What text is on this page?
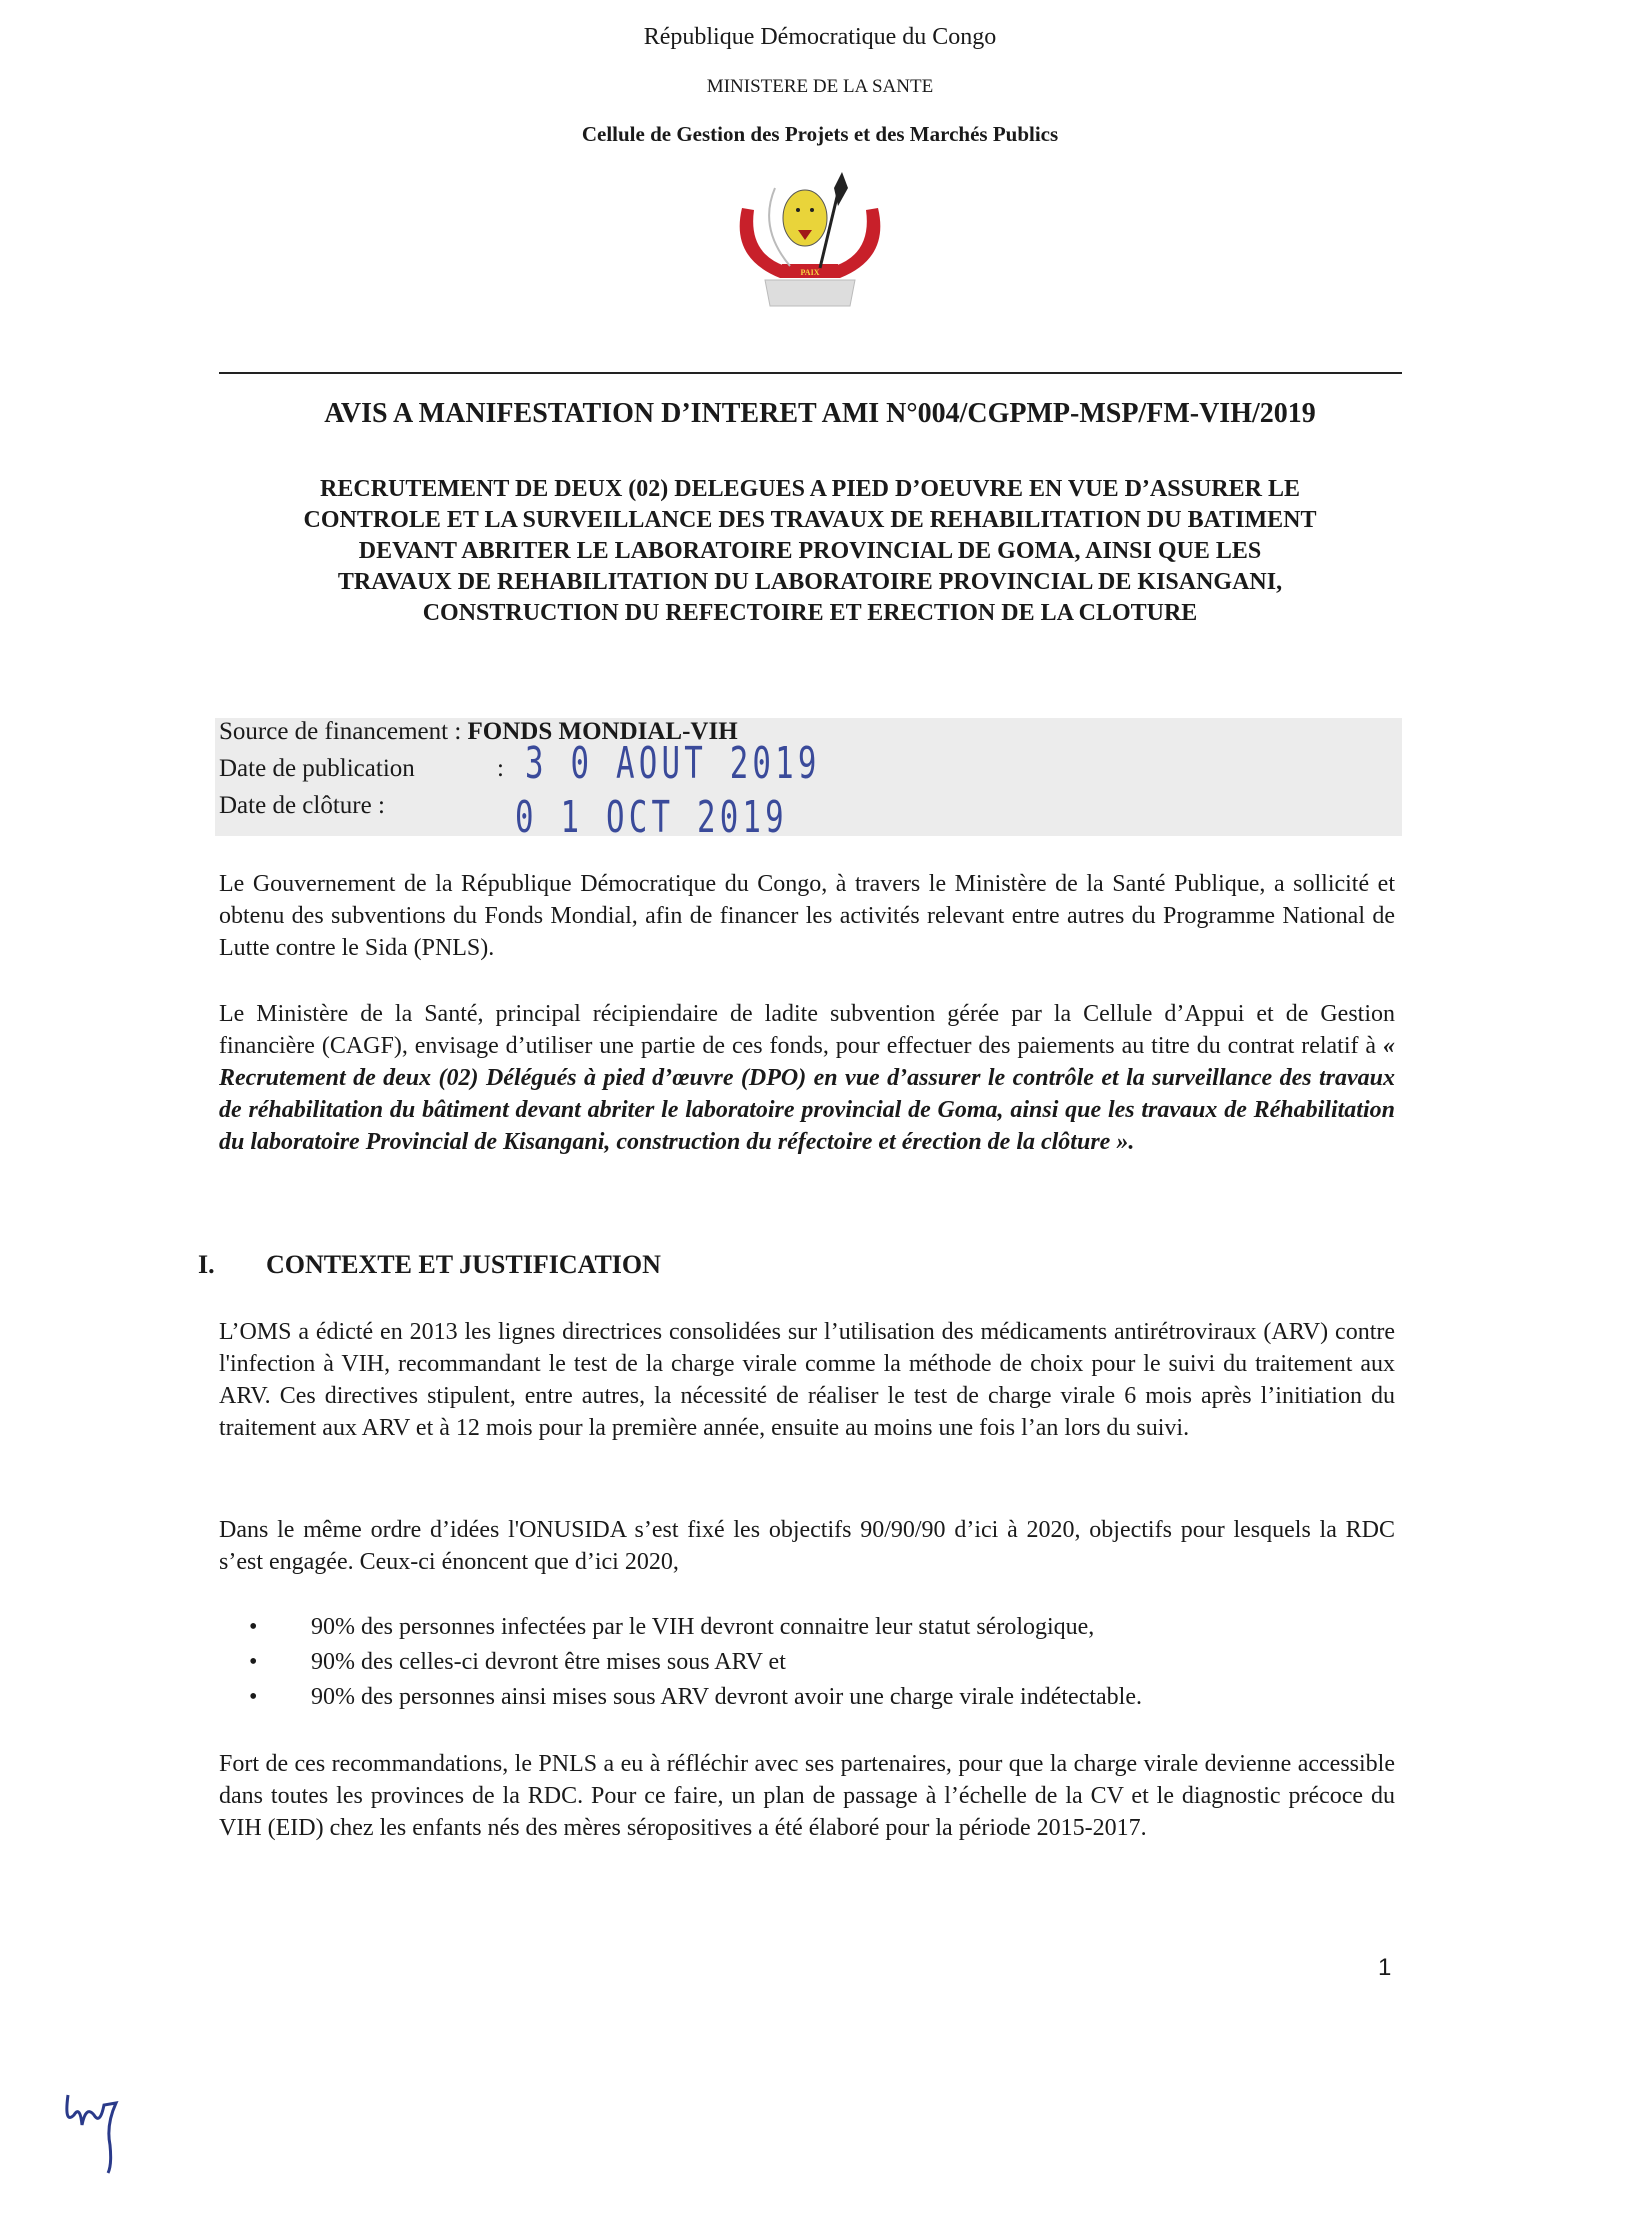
République Démocratique du Congo
MINISTERE DE LA SANTE
Cellule de Gestion des Projets et des Marchés Publics
PAIX
AVIS A MANIFESTATION D’INTERET AMI N°004/CGPMP-MSP/FM-VIH/2019
RECRUTEMENT DE DEUX (02) DELEGUES A PIED D’OEUVRE EN VUE D’ASSURER LE
CONTROLE ET LA SURVEILLANCE DES TRAVAUX DE REHABILITATION DU BATIMENT
DEVANT ABRITER LE LABORATOIRE PROVINCIAL DE GOMA, AINSI QUE LES
TRAVAUX DE REHABILITATION DU LABORATOIRE PROVINCIAL DE KISANGANI,
CONSTRUCTION DU REFECTOIRE ET ERECTION DE LA CLOTURE
Source de financement : FONDS MONDIAL-VIH
Date de publication	: 3 0 AOUT 2019
Date de clôture :	0 1 OCT 2019
Le Gouvernement de la République Démocratique du Congo, à travers le Ministère de la Santé Publique, a sollicité et obtenu des subventions du Fonds Mondial, afin de financer les activités relevant entre autres du Programme National de Lutte contre le Sida (PNLS).
Le Ministère de la Santé, principal récipiendaire de ladite subvention gérée par la Cellule d’Appui et de Gestion financière (CAGF), envisage d’utiliser une partie de ces fonds, pour effectuer des paiements au titre du contrat relatif à « Recrutement de deux (02) Délégués à pied d’œuvre (DPO) en vue d’assurer le contrôle et la surveillance des travaux de réhabilitation du bâtiment devant abriter le laboratoire provincial de Goma, ainsi que les travaux de Réhabilitation du laboratoire Provincial de Kisangani, construction du réfectoire et érection de la clôture ».
I. CONTEXTE ET JUSTIFICATION
L’OMS a édicté en 2013 les lignes directrices consolidées sur l’utilisation des médicaments antirétroviraux (ARV) contre l'infection à VIH, recommandant le test de la charge virale comme la méthode de choix pour le suivi du traitement aux ARV. Ces directives stipulent, entre autres, la nécessité de réaliser le test de charge virale 6 mois après l’initiation du traitement aux ARV et à 12 mois pour la première année, ensuite au moins une fois l’an lors du suivi.
Dans le même ordre d’idées l'ONUSIDA s’est fixé les objectifs 90/90/90 d’ici à 2020, objectifs pour lesquels la RDC s’est engagée. Ceux-ci énoncent que d’ici 2020,
• 90% des personnes infectées par le VIH devront connaitre leur statut sérologique,
• 90% des celles-ci devront être mises sous ARV et
• 90% des personnes ainsi mises sous ARV devront avoir une charge virale indétectable.
Fort de ces recommandations, le PNLS a eu à réfléchir avec ses partenaires, pour que la charge virale devienne accessible dans toutes les provinces de la RDC. Pour ce faire, un plan de passage à l’échelle de la CV et le diagnostic précoce du VIH (EID) chez les enfants nés des mères séropositives a été élaboré pour la période 2015-2017.
1
